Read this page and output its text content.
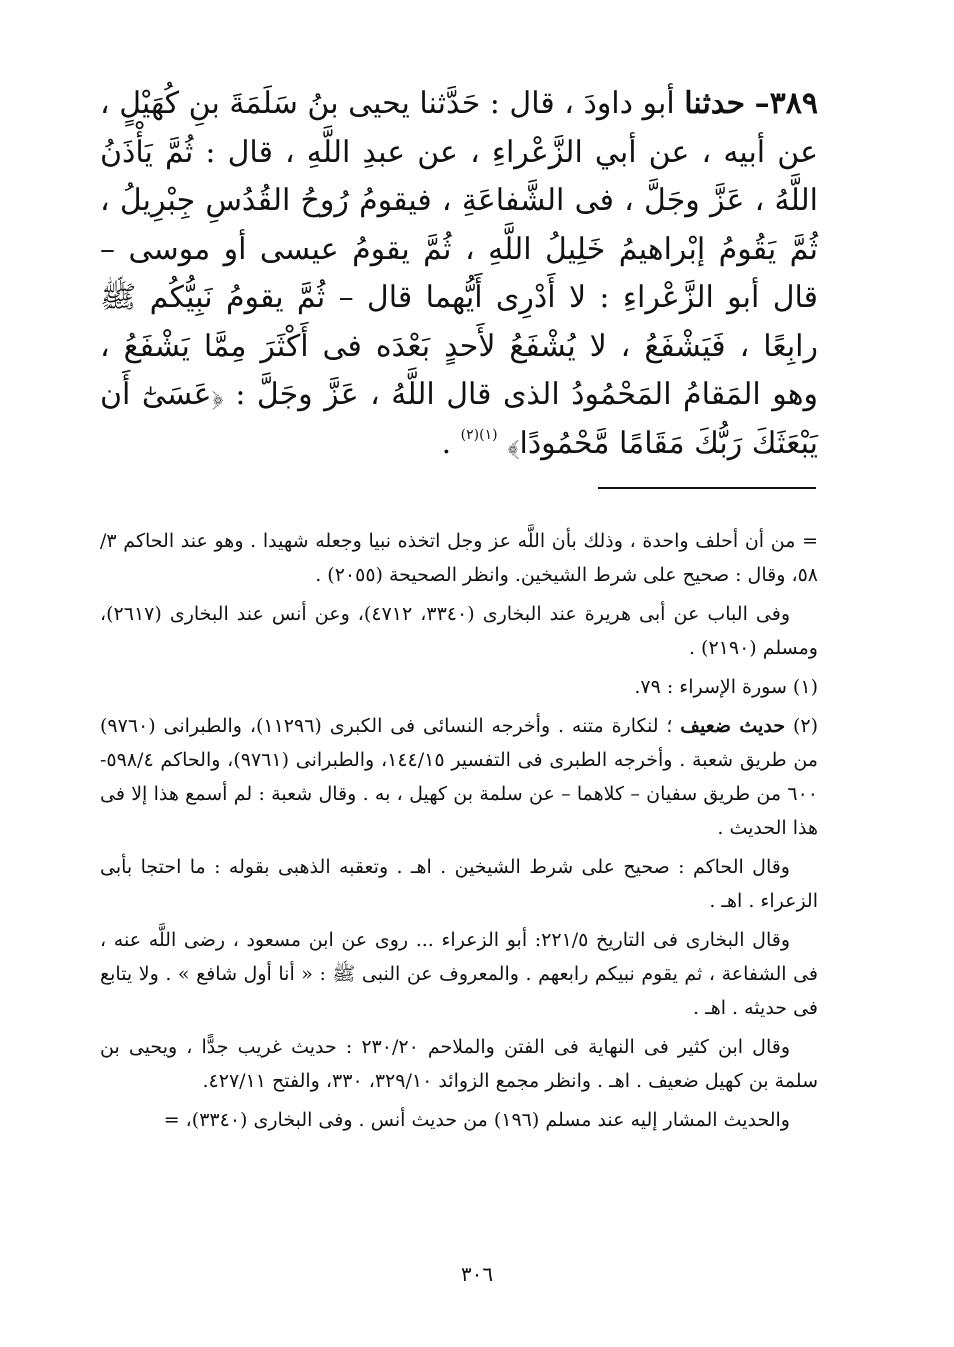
٣٨٩– حدثنا أبو داودَ ، قال : حَدَّثنا يحيى بنُ سَلَمَةَ بنِ كُهَيْلٍ ، عن أبيه ، عن أبي الزَّعْراءِ ، عن عبدِ اللَّهِ ، قال : ثُمَّ يَأْذَنُ اللَّهُ ، عَزَّ وجَلَّ ، فى الشَّفاعَةِ ، فيقومُ رُوحُ القُدُسِ جِبْرِيلُ ، ثُمَّ يَقُومُ إبْراهيمُ خَلِيلُ اللَّهِ ، ثُمَّ يقومُ عيسى أو موسى – قال أبو الزَّعْراءِ : لا أَدْرِى أَيُّهما قال – ثُمَّ يقومُ نَبِيُّكُم ﷺ رابِعًا ، فَيَشْفَعُ ، لا يُشْفَعُ لأَحدٍ بَعْدَه فى أَكْثَرَ مِمَّا يَشْفَعُ ، وهو المَقامُ المَحْمُودُ الذى قال اللَّهُ ، عَزَّ وجَلَّ : ﴿عَسَىٰٓ أَن يَبْعَثَكَ رَبُّكَ مَقَامًا مَّحْمُودًا﴾ $^{(١)(٢)}$ .

= من أن أحلف واحدة ، وذلك بأن اللَّه عز وجل اتخذه نبيا وجعله شهيدا . وهو عند الحاكم ٣/ ٥٨، وقال : صحيح على شرط الشيخين. وانظر الصحيحة (٢٠٥٥) .

وفى الباب عن أبى هريرة عند البخارى (٣٣٤٠، ٤٧١٢)، وعن أنس عند البخارى (٢٦١٧)، ومسلم (٢١٩٠) .

(١) سورة الإسراء : ٧٩.

(٢) حديث ضعيف ؛ لنكارة متنه . وأخرجه النسائى فى الكبرى (١١٢٩٦)، والطبرانى (٩٧٦٠) من طريق شعبة . وأخرجه الطبرى فى التفسير ١٤٤/١٥، والطبرانى (٩٧٦١)، والحاكم ٥٩٨/٤- ٦٠٠ من طريق سفيان – كلاهما – عن سلمة بن كهيل ، به . وقال شعبة : لم أسمع هذا إلا فى هذا الحديث .

وقال الحاكم : صحيح على شرط الشيخين . اهـ . وتعقبه الذهبى بقوله : ما احتجا بأبى الزعراء . اهـ .

وقال البخارى فى التاريخ ٢٢١/٥: أبو الزعراء ... روى عن ابن مسعود ، رضى اللَّه عنه ، فى الشفاعة ، ثم يقوم نبيكم رابعهم . والمعروف عن النبى ﷺ : « أنا أول شافع » . ولا يتابع فى حديثه . اهـ .

وقال ابن كثير فى النهاية فى الفتن والملاحم ٢٣٠/٢٠ : حديث غريب جدًّا ، ويحيى بن سلمة بن كهيل ضعيف . اهـ . وانظر مجمع الزوائد ٣٢٩/١٠، ٣٣٠، والفتح ٤٢٧/١١.

والحديث المشار إليه عند مسلم (١٩٦) من حديث أنس . وفى البخارى (٣٣٤٠)، =

٣٠٦
